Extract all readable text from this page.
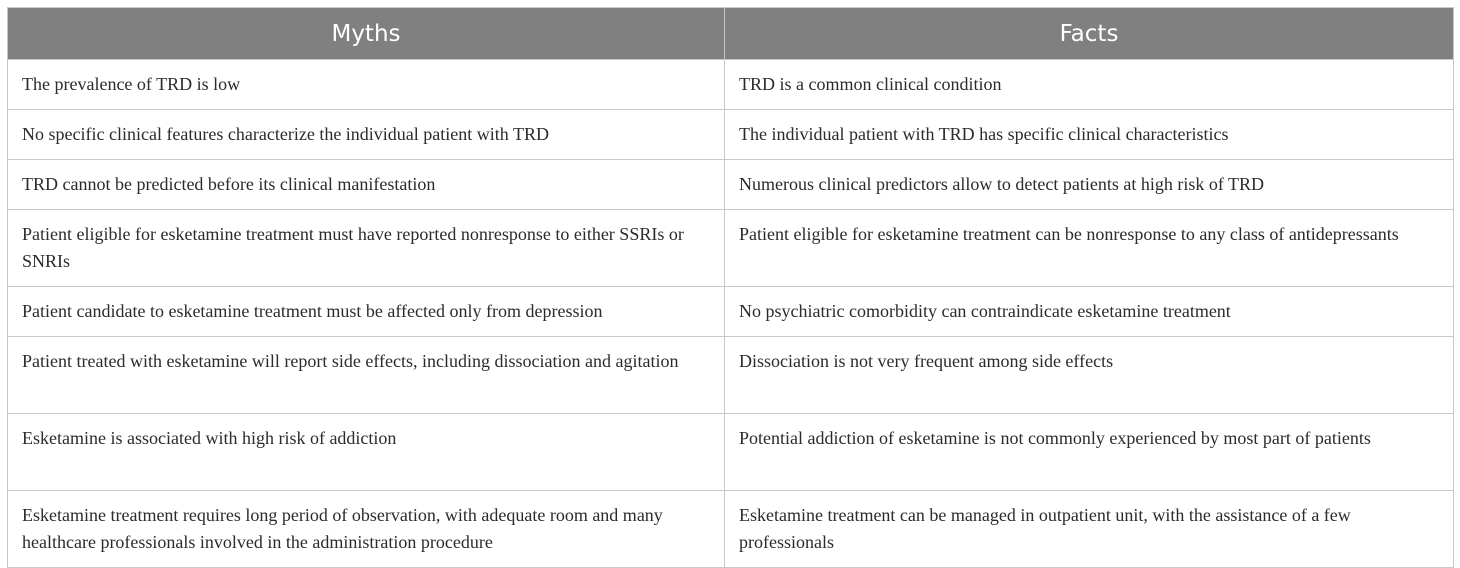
Myths	Facts
The prevalence of TRD is low	TRD is a common clinical condition
No specific clinical features characterize the individual patient with TRD	The individual patient with TRD has specific clinical characteristics
TRD cannot be predicted before its clinical manifestation	Numerous clinical predictors allow to detect patients at high risk of TRD
Patient eligible for esketamine treatment must have reported nonresponse to either SSRIs or SNRIs	Patient eligible for esketamine treatment can be nonresponse to any class of antidepressants
Patient candidate to esketamine treatment must be affected only from depression	No psychiatric comorbidity can contraindicate esketamine treatment
Patient treated with esketamine will report side effects, including dissociation and agitation	Dissociation is not very frequent among side effects
Esketamine is associated with high risk of addiction	Potential addiction of esketamine is not commonly experienced by most part of patients
Esketamine treatment requires long period of observation, with adequate room and many healthcare professionals involved in the administration procedure	Esketamine treatment can be managed in outpatient unit, with the assistance of a few professionals
